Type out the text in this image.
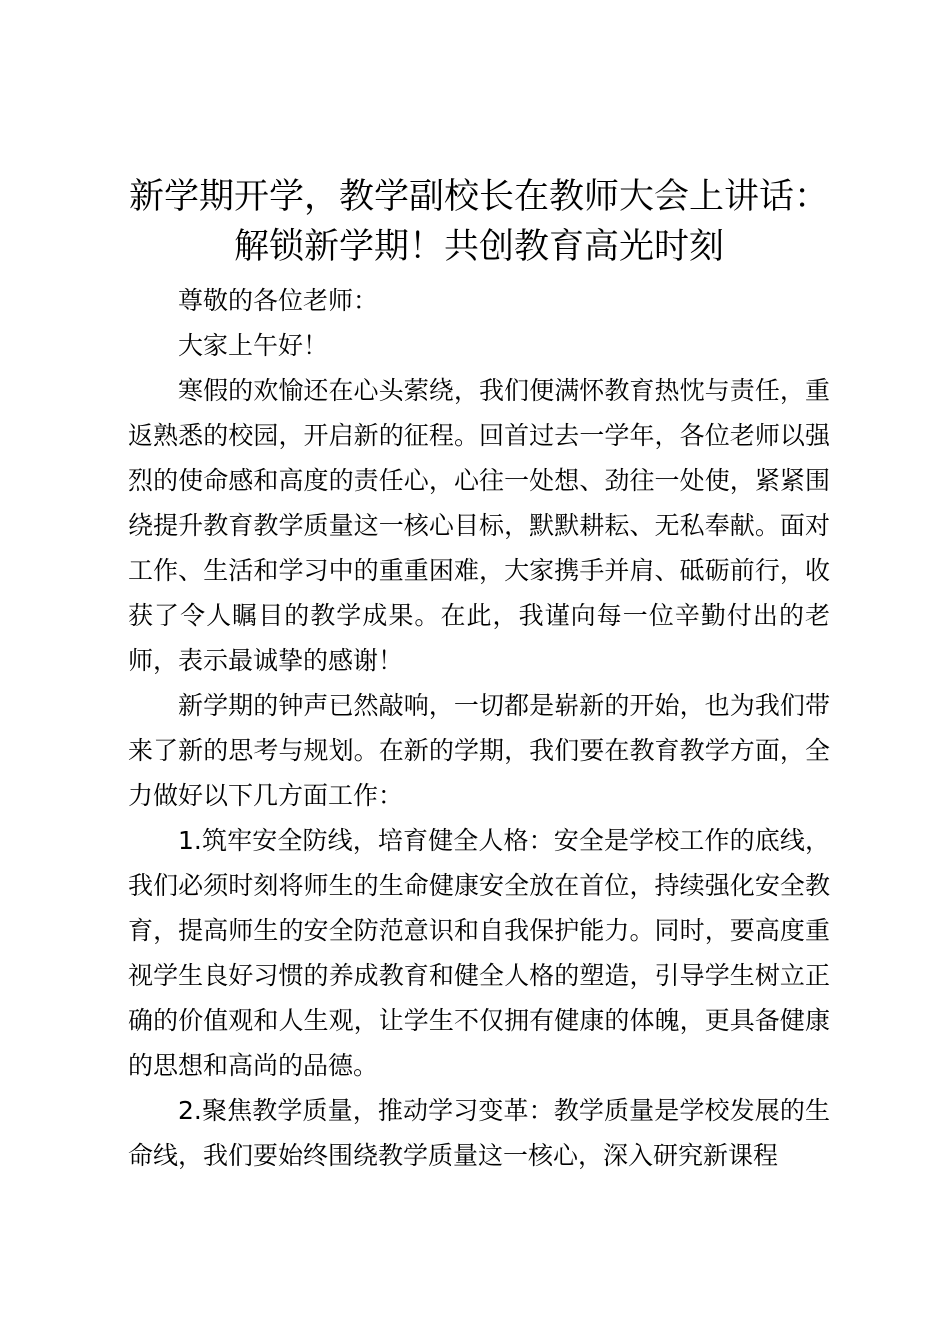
新学期开学，教学副校长在教师大会上讲话：
解锁新学期！共创教育高光时刻

尊敬的各位老师：

大家上午好！

寒假的欢愉还在心头萦绕，我们便满怀教育热忱与责任，重返熟悉的校园，开启新的征程。回首过去一学年，各位老师以强烈的使命感和高度的责任心，心往一处想、劲往一处使，紧紧围绕提升教育教学质量这一核心目标，默默耕耘、无私奉献。面对工作、生活和学习中的重重困难，大家携手并肩、砥砺前行，收获了令人瞩目的教学成果。在此，我谨向每一位辛勤付出的老师，表示最诚挚的感谢！

新学期的钟声已然敲响，一切都是崭新的开始，也为我们带来了新的思考与规划。在新的学期，我们要在教育教学方面，全力做好以下几方面工作：

1.筑牢安全防线，培育健全人格：安全是学校工作的底线，我们必须时刻将师生的生命健康安全放在首位，持续强化安全教育，提高师生的安全防范意识和自我保护能力。同时，要高度重视学生良好习惯的养成教育和健全人格的塑造，引导学生树立正确的价值观和人生观，让学生不仅拥有健康的体魄，更具备健康的思想和高尚的品德。

2.聚焦教学质量，推动学习变革：教学质量是学校发展的生命线，我们要始终围绕教学质量这一核心，深入研究新课程
